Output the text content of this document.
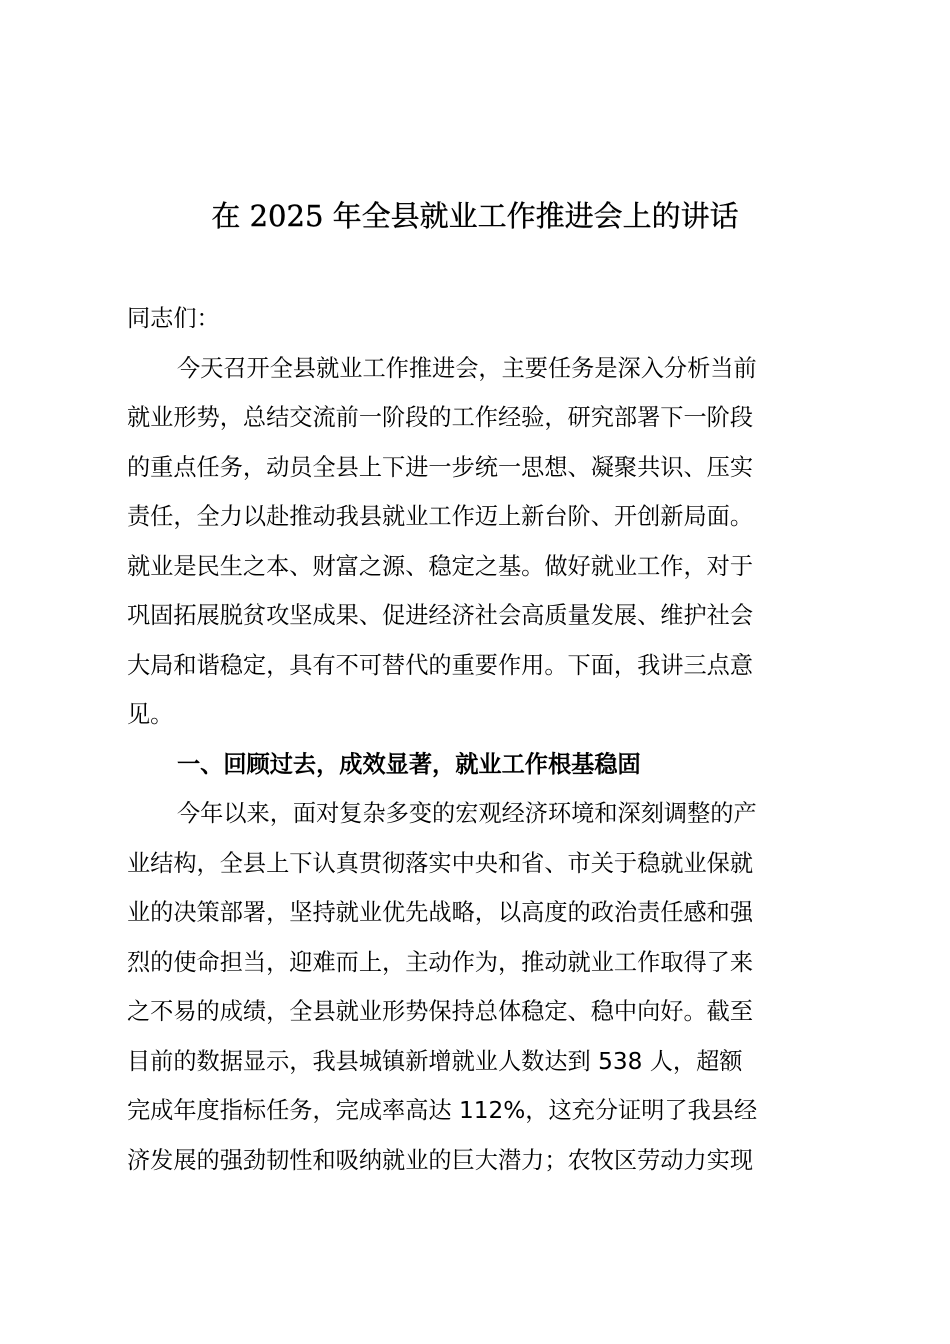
在 2025 年全县就业工作推进会上的讲话
同志们：
今天召开全县就业工作推进会，主要任务是深入分析当前
就业形势，总结交流前一阶段的工作经验，研究部署下一阶段
的重点任务，动员全县上下进一步统一思想、凝聚共识、压实
责任，全力以赴推动我县就业工作迈上新台阶、开创新局面。
就业是民生之本、财富之源、稳定之基。做好就业工作，对于
巩固拓展脱贫攻坚成果、促进经济社会高质量发展、维护社会
大局和谐稳定，具有不可替代的重要作用。下面，我讲三点意
见。
一、回顾过去，成效显著，就业工作根基稳固
今年以来，面对复杂多变的宏观经济环境和深刻调整的产
业结构，全县上下认真贯彻落实中央和省、市关于稳就业保就
业的决策部署，坚持就业优先战略，以高度的政治责任感和强
烈的使命担当，迎难而上，主动作为，推动就业工作取得了来
之不易的成绩，全县就业形势保持总体稳定、稳中向好。截至
目前的数据显示，我县城镇新增就业人数达到 538 人，超额
完成年度指标任务，完成率高达 112%，这充分证明了我县经
济发展的强劲韧性和吸纳就业的巨大潜力；农牧区劳动力实现
